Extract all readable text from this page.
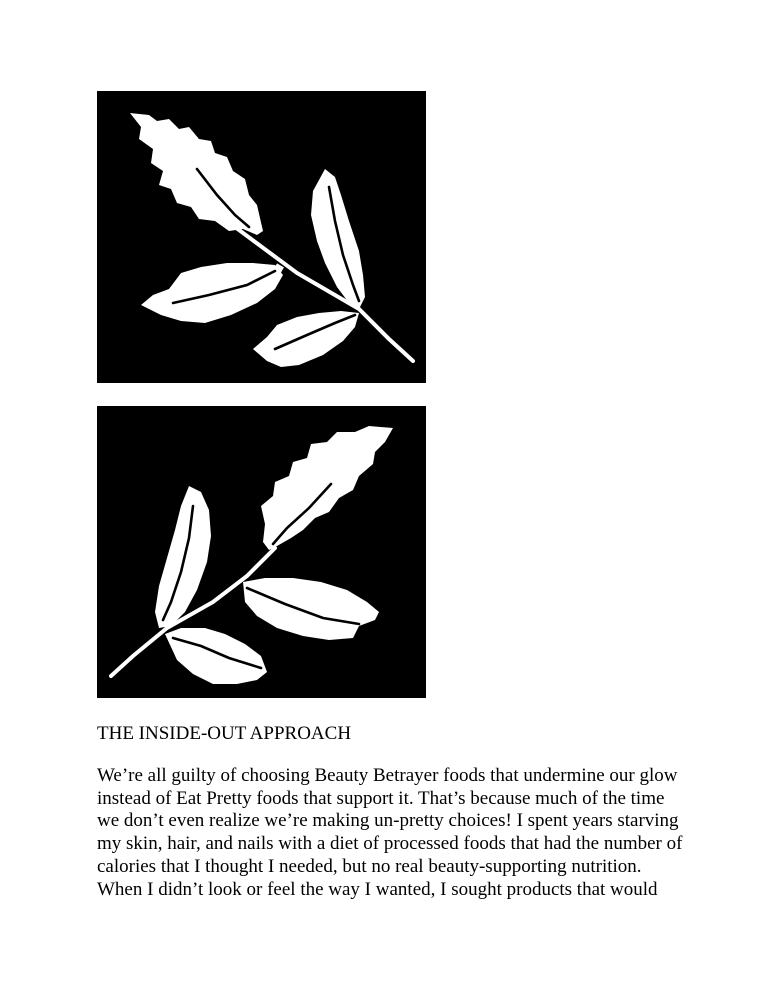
THE INSIDE-OUT APPROACH
We’re all guilty of choosing Beauty Betrayer foods that undermine our glow
instead of Eat Pretty foods that support it. That’s because much of the time
we don’t even realize we’re making un-pretty choices! I spent years starving
my skin, hair, and nails with a diet of processed foods that had the number of
calories that I thought I needed, but no real beauty-supporting nutrition.
When I didn’t look or feel the way I wanted, I sought products that would
